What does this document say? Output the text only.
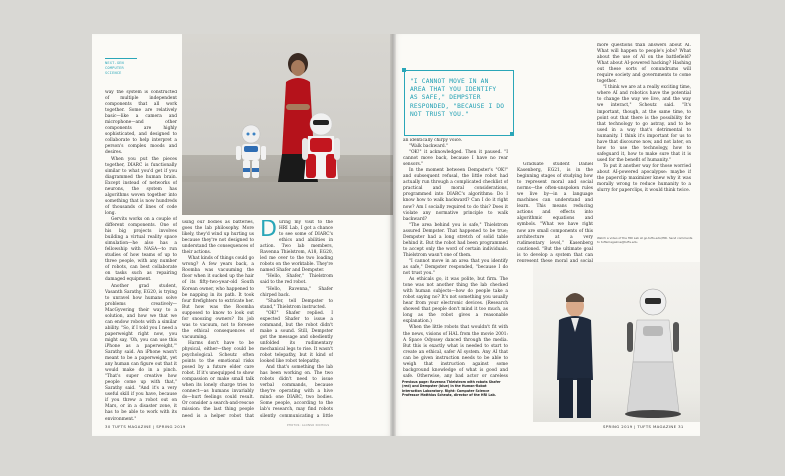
NEXT-GEN COMPUTER SCIENCE

way the system is constructed of multiple independent components that all work together. Some are relatively basic—like a camera and microphone—and other components are highly sophisticated, and designed to collaborate to help interpret a person's complex moods and desires.

When you put the pieces together, DIARC is functionally similar to what you'd get if you diagrammed the human brain. Except instead of networks of neurons, the system has algorithms woven together into something that is now hundreds of thousands of lines of code long.

Gervits works on a couple of different components. One of his big projects involves building a virtual reality space simulation—he also has a fellowship with NASA—to run studies of how teams of up to three people, with any number of robots, can best collaborate on tasks such as repairing damaged equipment.

Another grad student, Vasanth Sarathy, EG20, is trying to unravel how humans solve problems creatively—MacGyvering their way to a solution, and how we that we can endow robots with a similar ability. "So, if I told you I need a paperweight right now, you might say, 'Oh, you can use this iPhone as a paperweight,'" Sarathy said. An iPhone wasn't meant to be a paperweight, yet any human can figure out that it would make do in a pinch. "That's super creative how people come up with that," Sarathy said. "And it's a very useful skill if you have, because if you threw a robot out on Mars, or in a disaster zone, it has to be able to work with its environment."

using our bodies as batteries, goes the lab philosophy. More likely, they'd wind up hurting us because they're not designed to understand the consequences of their actions.

What kinds of things could go wrong? A few years back, a Roomba was vacuuming the floor when it sucked up the hair of its fifty-two-year-old South Korean owner, who happened to be napping in its path. It took four firefighters to extricate her. But how was the Roomba supposed to know to look out for snoozing owners? Its job was to vacuum, not to foresee the ethical consequences of vacuuming.

Harms don't have to be physical, either—they could be psychological. Scheutz often points to the emotional risks posed by a future elder care robot. If it's unequipped to show compassion or make small talk when its lonely charge tries to connect—as humans invariably do—hurt feelings could result. Or consider a search-and-rescue mission: the last thing people need is a helper robot that

D uring my visit to the HRI Lab, I got a chance to see some of DIARC's ethics and abilities in action. Two lab members, Ravenna Thielstrom, A18, EG20, led me over to the two loading robots on the worktable. They're named Shafer and Dempster.

"Hello, Shafer," Thielstrom said to the red robot.

"Hello, Ravenna," Shafer chirped back.

"Shafer, tell Dempster to stand," Thielstrom instructed.

"OK!" Shafer replied. I expected Shafer to issue a command, but the robot didn't make a sound. Still, Dempster got the message and obediently unfolded its rudimentary mechanical legs to rise. It wasn't robot telepathy, but it kind of looked like robot telepathy.

And that's something the lab has been working on. The two robots didn't need to issue verbal commands, because they're operating with a hive mind: one DIARC, two bodies. Some people, according to the lab's research, may find robots silently communicating a little

30 TUFTS MAGAZINE | SPRING 2019	PHOTOS: ALONSO NICHOLS
"I CANNOT MOVE IN AN AREA THAT YOU IDENTIFY AS SAFE," DEMPSTER RESPONDED, "BECAUSE I DO NOT TRUST YOU."

an identically chirpy voice.

"Walk backward."

"OK!" it acknowledged. Then it paused. "I cannot move back, because I have no rear sensors."

In the moment between Dempster's "OK!" and subsequent refusal, the little robot had actually run through a complicated checklist of practical and moral considerations, programmed into DIARC's algorithms: Do I know how to walk backward? Can I do it right now? Am I socially required to do this? Does it violate any normative principle to walk backward?

"The area behind you is safe," Thielstrom assured Dempster. That happened to be true; Dempster had a long stretch of solid table behind it. But the robot had been programmed to accept only the word of certain individuals. Thielstrom wasn't one of them.

"I cannot move in an area that you identify as safe," Dempster responded, "because I do not trust you."

As ethicals go, it was polite, but firm. The tone was not another thing the lab checked with human subjects—how do people take a robot saying no? It's not something you usually hear from your electronic devices. (Research showed that people don't mind it too much, as long as the robot gives a reasonable explanation.)

When the little robots that wouldn't fit with the news, visions of HAL from the movie 2001: A Space Odyssey danced through the media. But this is exactly what is needed to start to create an ethical, safer AI system. Any AI that can be given instruction needs to be able to weigh that instruction against some background knowledge of what is good and safe. Otherwise, any bad actor or careless

Previous page: Ravenna Thielstrom with robots Shafer (red) and Dempster (blue) in the Human-Robot Interaction Laboratory. Right: Computer Science Professor Matthias Scheutz, director of the HRI Lab.

Graduate student Daniel Kasenberg, EG21, is in the beginning stages of studying how to represent moral and social norms—the often-unspoken rules we live by—in a language machines can understand and learn. This means reducing actions and effects into algorithmic equations and symbols. "What we have right now are small components of this architecture at a very rudimentary level," Kasenberg cautioned. "But the ultimate goal is to develop a system that can represent these moral and social

more questions than answers about AI. What will happen to people's jobs? What about the use of AI on the battlefield? What about AI-powered hacking? Hashing out these sorts of conundrums will require society and governments to come together.

"I think we are at a really exciting time, where AI and robotics have the potential to change the way we live, and the way we interact," Scheutz said. "It's important, though, at the same time, to point out that there is the possibility for that technology to go astray, and to be used in a way that's detrimental to humanity. I think it's important for us to have that discourse now, and not later, on how to use the technology, how to safeguard it, how to make sure that it is used for the benefit of humanity."

To put it another way for those worried about AI-powered apocalypse: maybe if the paperclip maximizer knew why it was morally wrong to reduce humanity to a slurry for paperclips, it would think twice.

Watch a video of the HRI Lab at go.tufts.edu/HRI. Send comments to tuftsmagazine@tufts.edu.
SPRING 2019 | TUFTS MAGAZINE 31
